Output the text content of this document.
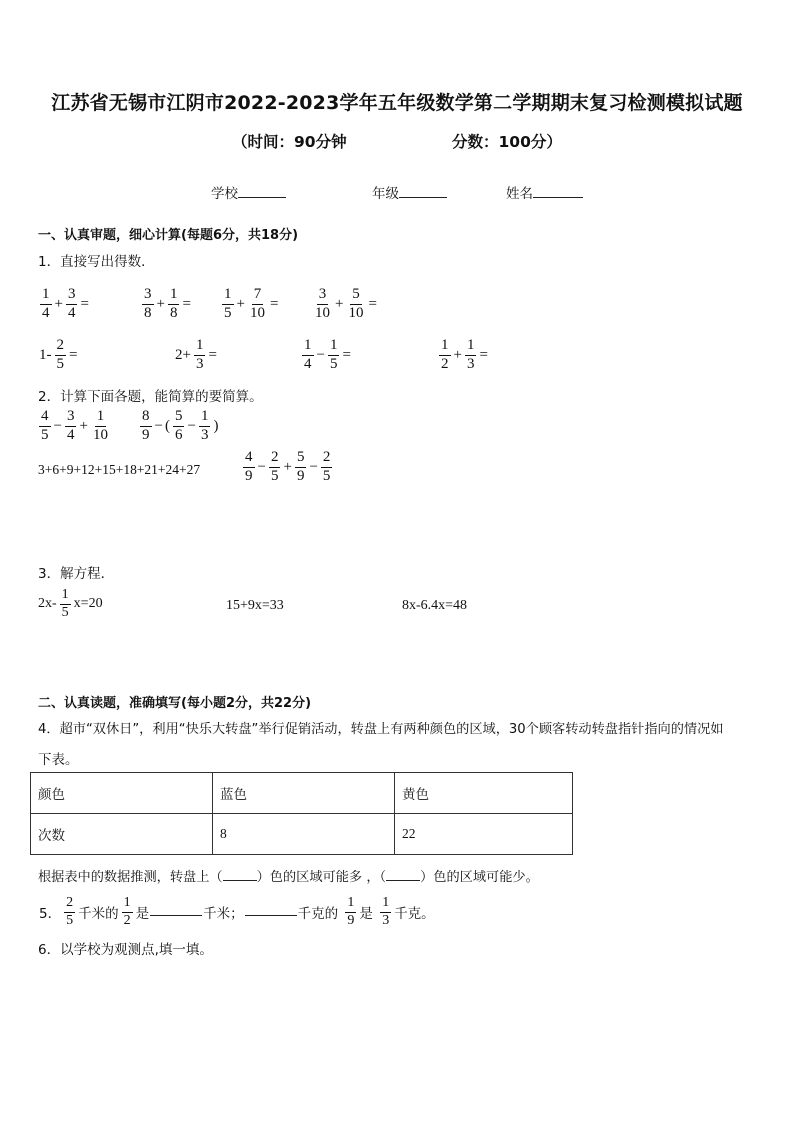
江苏省无锡市江阴市2022-2023学年五年级数学第二学期期末复习检测模拟试题
（时间：90分钟	分数：100分）
学校	年级	姓名
一、认真审题，细心计算(每题6分，共18分)
1．直接写出得数．
$\frac{1}{4} + \frac{3}{4}$ =	$\frac{3}{8} + \frac{1}{8} = \frac{1}{5} + \frac{7}{10} = \frac{3}{10} + \frac{5}{10}$ =
$1- \frac{2}{5}$ =	$2+ \frac{1}{3}$ =	$\frac{1}{4} - \frac{1}{5}$ =	$\frac{1}{2} + \frac{1}{3}$ =
2．计算下面各题，能简算的要简算。
$\frac{4}{5} - \frac{3}{4} + \frac{1}{10} \frac{8}{9}$ − ( $\frac{5}{6} - \frac{1}{3}$ )
3+6+9+12+15+18+21+24+27	$\frac{4}{9} - \frac{2}{5} + \frac{5}{9} - \frac{2}{5}$
3．解方程．
$2x- \frac{1}{5} x=20$	15+9x=33	8x-6.4x=48
二、认真读题，准确填写(每小题2分，共22分)
4．超市“双休日”，利用“快乐大转盘”举行促销活动，转盘上有两种颜色的区域，30个顾客转动转盘指针指向的情况如
下表。
颜色	蓝色	黄色
次数	8	22
根据表中的数据推测，转盘上（	）色的区域可能多 ，（	）色的区域可能少。
5． $\frac{2}{5}$ 千米的 $\frac{1}{2}$ 是	千米；	千克的 $\frac{1}{9}$ 是 $\frac{1}{3}$ 千克。
6．以学校为观测点,填一填。
